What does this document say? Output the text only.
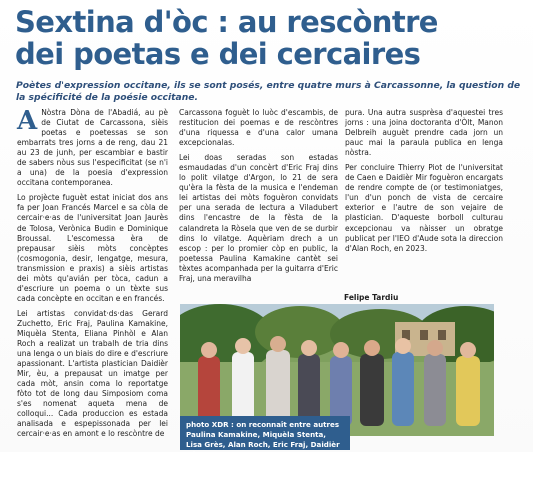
Sextina d'òc : au rescòntre
dei poetas e dei cercaires
Poètes d'expression occitane, ils se sont posés, entre quatre murs à Carcassonne, la question de la spécificité de la poésie occitane.

A Nòstra Dòna de l'Abadiá, au pè de Ciutat de Carcassona, sièis poetas e poetessas se son embarrats tres jorns a de reng, dau 21 au 23 de junh, per escambiar e bastir de sabers nòus sus l'especificitat (se n'i a una) de la poesia d'expression occitana contemporanea.

Lo projècte fuguèt estat iniciat dos ans fa per Joan Francés Marcel e sa còla de cercair·e·as de l'universitat Joan Jaurès de Tolosa, Verònica Budin e Dominique Broussal. L'escomessa èra de prepausar sièis mòts concèptes (cosmogonia, desir, lengatge, mesura, transmission e praxis) a sièis artistas dei mòts qu'avián per tòca, cadun a d'escriure un poema o un tèxte sus cada concèpte en occitan e en francés.

Lei artistas convidat·ds·das Gerard Zuchetto, Eric Fraj, Paulina Kamakine, Miquèla Stenta, Eliana Pinhòl e Alan Roch a realizat un trabalh de tria dins una lenga o un biais do dire e d'escriure apassionant. L'artista plastician Daidièr Mir, èu, a prepausat un imatge per cada mòt, ansin coma lo reportatge fòto tot de long dau Simposiom coma s'es nomenat aqueta mena de colloqui... Cada produccion es estada analisada e espepissonada per lei cercair·e·as en amont e lo rescòntre de

Carcassona foguèt lo luòc d'escambis, de restitucion dei poemas e de rescòntres d'una riquessa e d'una calor umana excepcionalas.

Lei doas seradas son estadas esmaudadas d'un concèrt d'Eric Fraj dins lo polit vilatge d'Argon, lo 21 de sera qu'èra la fèsta de la musica e l'endeman lei artistas dei mòts foguèron convidats per una serada de lectura a Viladubert dins l'encastre de la fèsta de la calandreta la Ròsela que ven de se durbir dins lo vilatge. Aquèriam drech a un escop : per lo promier còp en public, la poetessa Paulina Kamakine cantèt sei tèxtes acompanhada per la guitarra d'Eric Fraj, una meravilha

pura. Una autra susprèsa d'aquestei tres jorns : una joina doctoranta d'Òlt, Manon Delbreih auguèt prendre cada jorn un pauc mai la paraula publica en lenga nòstra.

Per concluire Thierry Piot de l'universitat de Caen e Daidièr Mir foguèron encargats de rendre compte de (or testimoniatges, l'un d'un ponch de vista de cercaire exterior e l'autre de son vejaire de plastician. D'aqueste borboll culturau excepcionau va nàisser un obratge publicat per l'IEO d'Aude sota la direccion d'Alan Roch, en 2023.

Felipe Tardiu
photo XDR : on reconnaît entre autres Paulina Kamakine, Miquèla Stenta, Lisa Grès, Alan Roch, Eric Fraj, Daidièr
